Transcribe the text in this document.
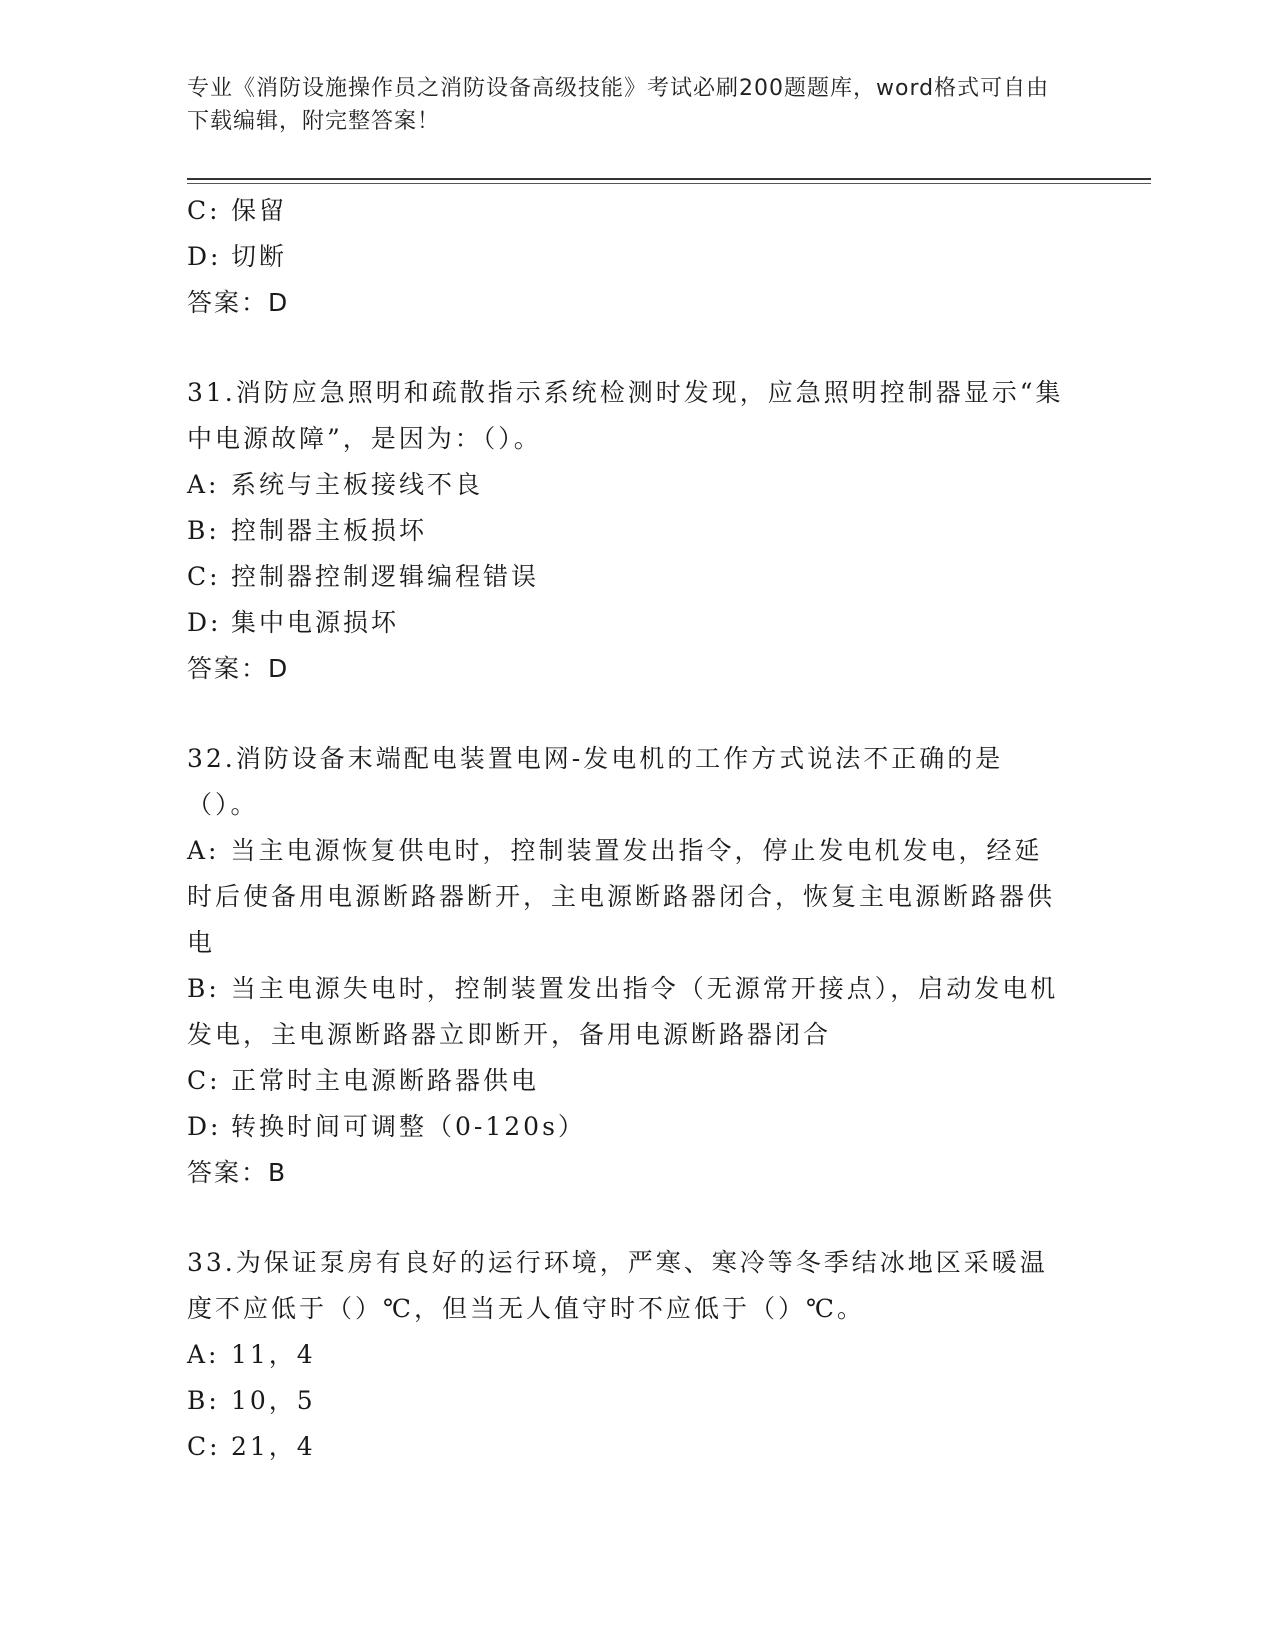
专业《消防设施操作员之消防设备高级技能》考试必刷200题题库，word格式可自由下载编辑，附完整答案！
C: 保留
D: 切断
答案：D
31.消防应急照明和疏散指示系统检测时发现，应急照明控制器显示“集中电源故障”，是因为：（）。
A: 系统与主板接线不良
B: 控制器主板损坏
C: 控制器控制逻辑编程错误
D: 集中电源损坏
答案：D
32.消防设备末端配电装置电网-发电机的工作方式说法不正确的是（）。
A: 当主电源恢复供电时，控制装置发出指令，停止发电机发电，经延时后使备用电源断路器断开，主电源断路器闭合，恢复主电源断路器供电
B: 当主电源失电时，控制装置发出指令（无源常开接点），启动发电机发电，主电源断路器立即断开，备用电源断路器闭合
C: 正常时主电源断路器供电
D: 转换时间可调整（0-120s）
答案：B
33.为保证泵房有良好的运行环境，严寒、寒冷等冬季结冰地区采暖温度不应低于（）℃，但当无人值守时不应低于（）℃。
A: 11，4
B: 10，5
C: 21，4
